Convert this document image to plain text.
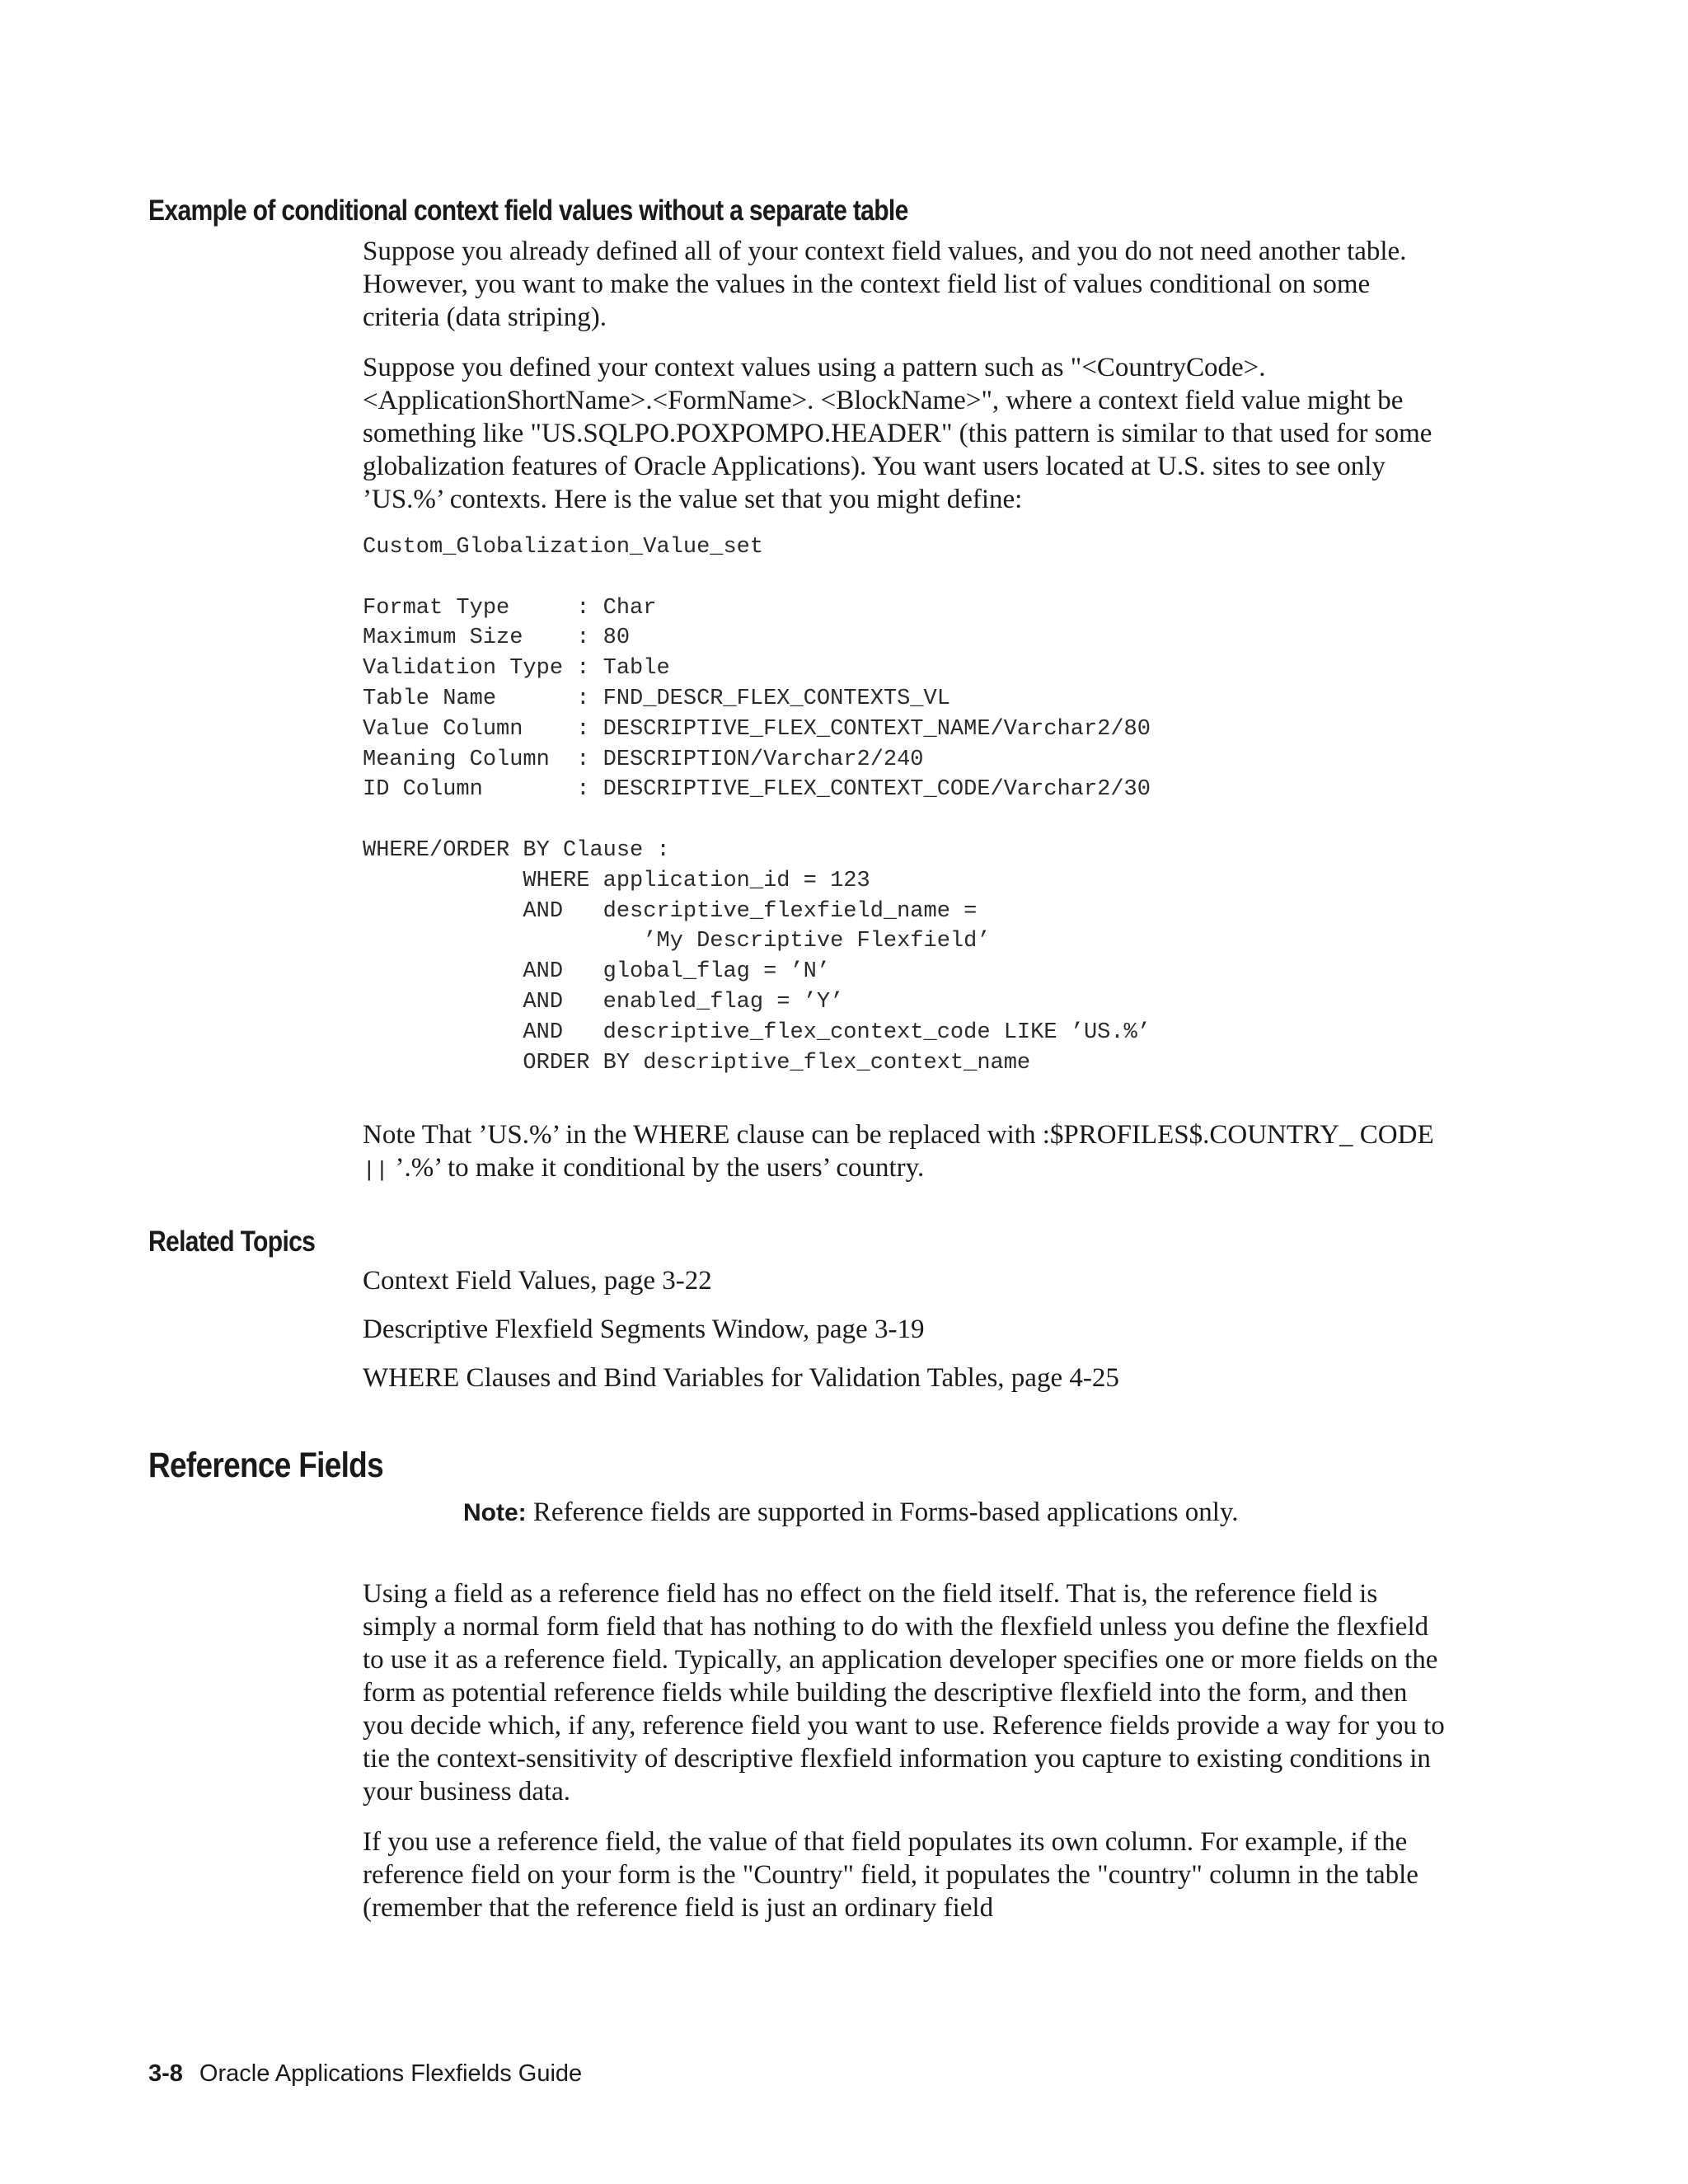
Example of conditional context field values without a separate table

Suppose you already defined all of your context field values, and you do not need another table. However, you want to make the values in the context field list of values conditional on some criteria (data striping).

Suppose you defined your context values using a pattern such as "<CountryCode>. <ApplicationShortName>.<FormName>. <BlockName>", where a context field value might be something like "US.SQLPO.POXPOMPO.HEADER" (this pattern is similar to that used for some globalization features of Oracle Applications). You want users located at U.S. sites to see only ’US.%’ contexts. Here is the value set that you might define:

Custom_Globalization_Value_set

Format Type     : Char
Maximum Size    : 80
Validation Type : Table
Table Name      : FND_DESCR_FLEX_CONTEXTS_VL
Value Column    : DESCRIPTIVE_FLEX_CONTEXT_NAME/Varchar2/80
Meaning Column  : DESCRIPTION/Varchar2/240
ID Column       : DESCRIPTIVE_FLEX_CONTEXT_CODE/Varchar2/30

WHERE/ORDER BY Clause :
WHERE application_id = 123
AND   descriptive_flexfield_name =
’My Descriptive Flexfield’
AND   global_flag = ’N’
AND   enabled_flag = ’Y’
AND   descriptive_flex_context_code LIKE ’US.%’
ORDER BY descriptive_flex_context_name

Note That ’US.%’ in the WHERE clause can be replaced with :$PROFILES$.COUNTRY_ CODE || ’.%’ to make it conditional by the users’ country.

Related Topics
Context Field Values, page 3-22
Descriptive Flexfield Segments Window, page 3-19
WHERE Clauses and Bind Variables for Validation Tables, page 4-25
Reference Fields
Note: Reference fields are supported in Forms-based applications only.

Using a field as a reference field has no effect on the field itself. That is, the reference field is simply a normal form field that has nothing to do with the flexfield unless you define the flexfield to use it as a reference field. Typically, an application developer specifies one or more fields on the form as potential reference fields while building the descriptive flexfield into the form, and then you decide which, if any, reference field you want to use. Reference fields provide a way for you to tie the context-sensitivity of descriptive flexfield information you capture to existing conditions in your business data.

If you use a reference field, the value of that field populates its own column. For example, if the reference field on your form is the "Country" field, it populates the "country" column in the table (remember that the reference field is just an ordinary field

3-8 Oracle Applications Flexfields Guide
